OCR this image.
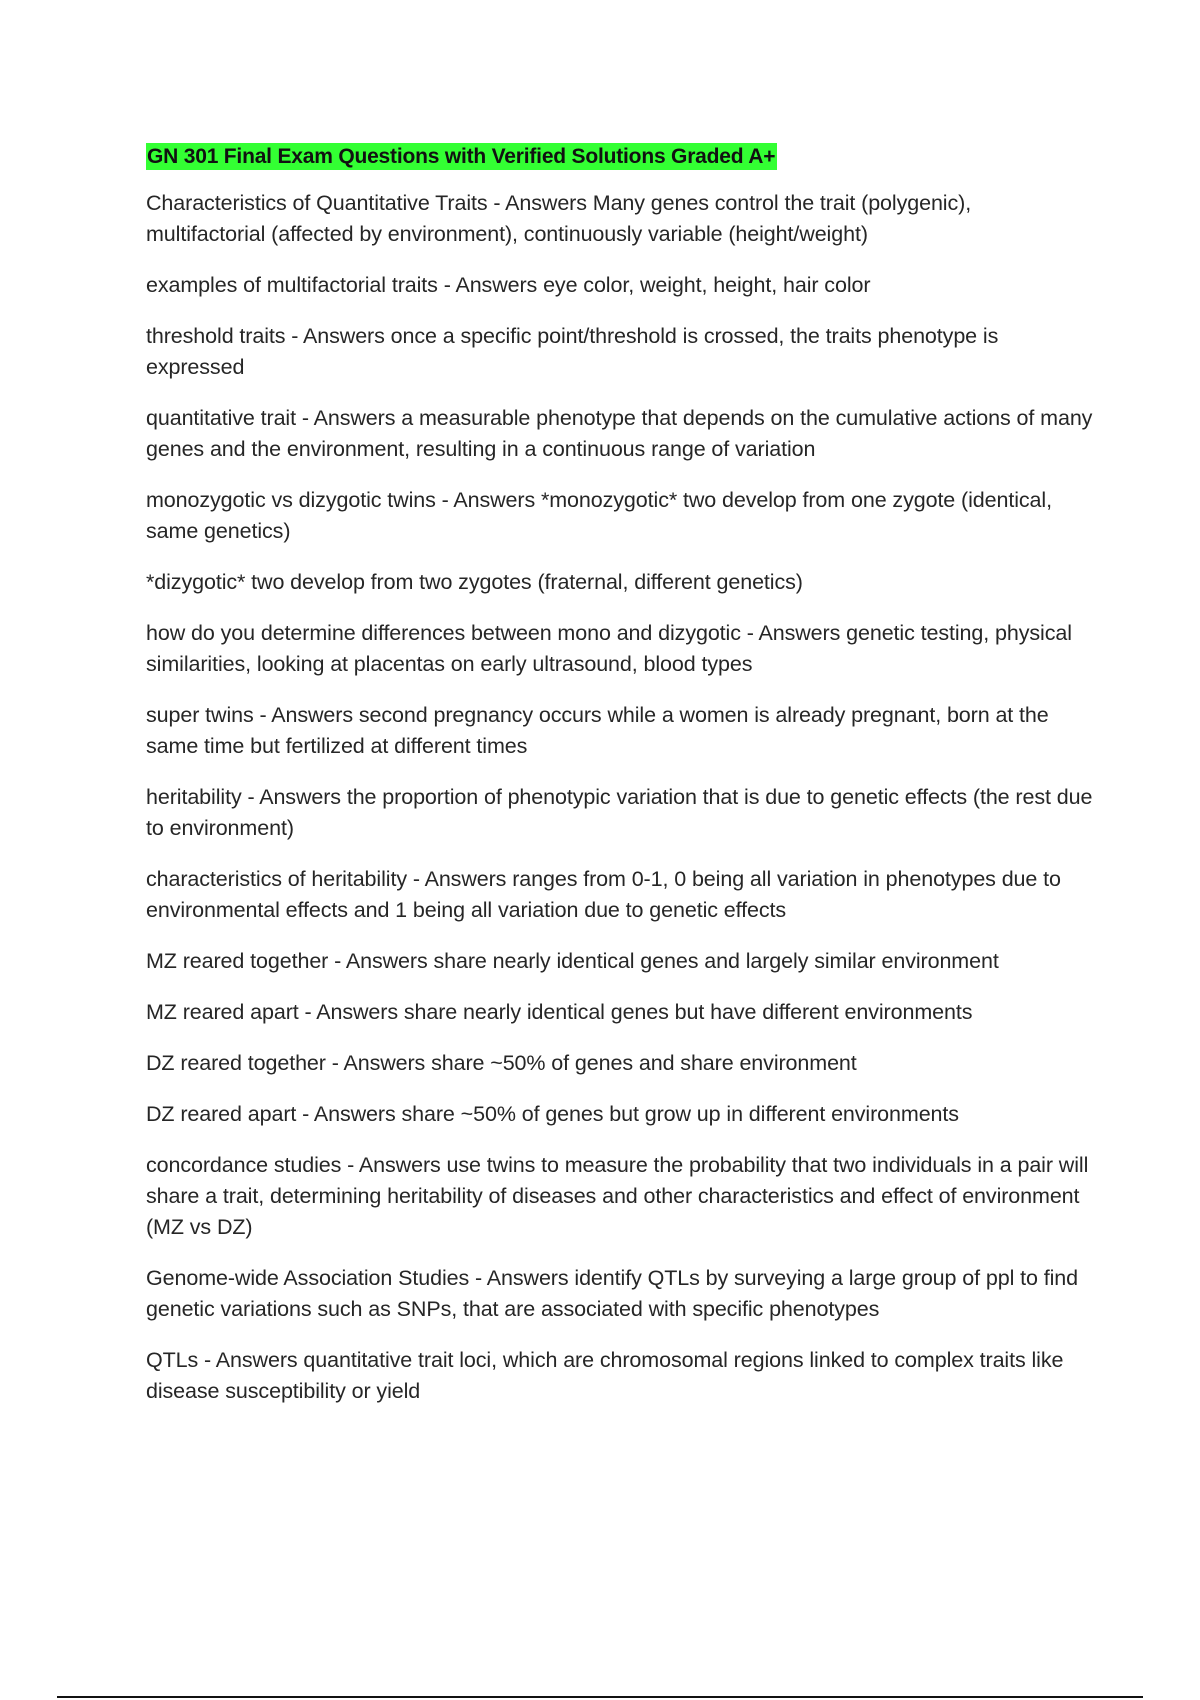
GN 301 Final Exam Questions with Verified Solutions Graded A+

Characteristics of Quantitative Traits - Answers Many genes control the trait (polygenic), multifactorial (affected by environment), continuously variable (height/weight)

examples of multifactorial traits - Answers eye color, weight, height, hair color

threshold traits - Answers once a specific point/threshold is crossed, the traits phenotype is expressed

quantitative trait - Answers a measurable phenotype that depends on the cumulative actions of many genes and the environment, resulting in a continuous range of variation

monozygotic vs dizygotic twins - Answers *monozygotic* two develop from one zygote (identical, same genetics)

*dizygotic* two develop from two zygotes (fraternal, different genetics)

how do you determine differences between mono and dizygotic - Answers genetic testing, physical similarities, looking at placentas on early ultrasound, blood types

super twins - Answers second pregnancy occurs while a women is already pregnant, born at the same time but fertilized at different times

heritability - Answers the proportion of phenotypic variation that is due to genetic effects (the rest due to environment)

characteristics of heritability - Answers ranges from 0-1, 0 being all variation in phenotypes due to environmental effects and 1 being all variation due to genetic effects

MZ reared together - Answers share nearly identical genes and largely similar environment

MZ reared apart - Answers share nearly identical genes but have different environments

DZ reared together - Answers share ~50% of genes and share environment

DZ reared apart - Answers share ~50% of genes but grow up in different environments

concordance studies - Answers use twins to measure the probability that two individuals in a pair will share a trait, determining heritability of diseases and other characteristics and effect of environment (MZ vs DZ)

Genome-wide Association Studies - Answers identify QTLs by surveying a large group of ppl to find genetic variations such as SNPs, that are associated with specific phenotypes

QTLs - Answers quantitative trait loci, which are chromosomal regions linked to complex traits like disease susceptibility or yield
